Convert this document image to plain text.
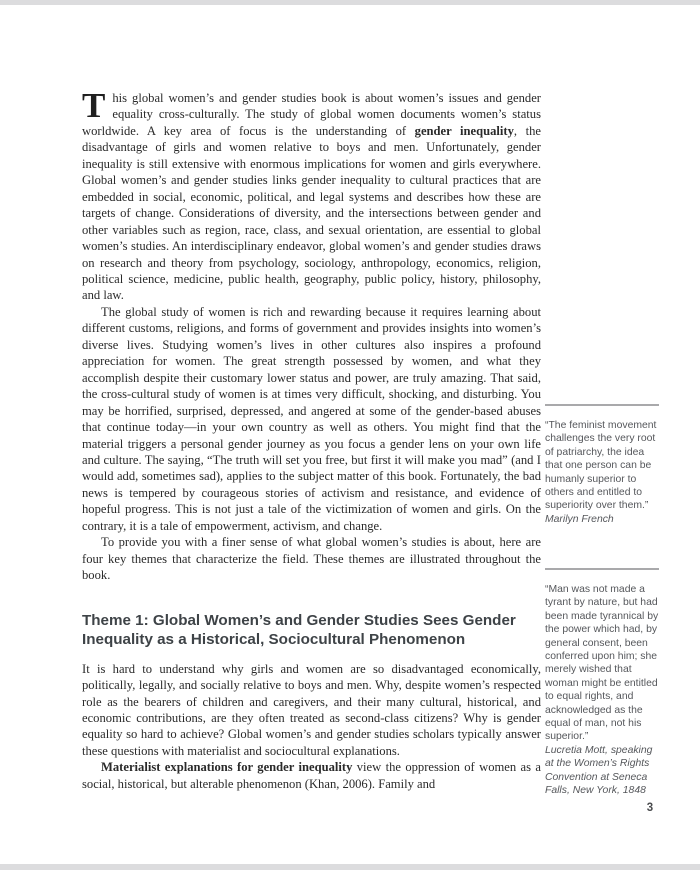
This global women’s and gender studies book is about women’s issues and gender equality cross-culturally. The study of global women documents women’s status worldwide. A key area of focus is the understanding of gender inequality, the disadvantage of girls and women relative to boys and men. Unfortunately, gender inequality is still extensive with enormous implications for women and girls everywhere. Global women’s and gender studies links gender inequality to cultural practices that are embedded in social, economic, political, and legal systems and describes how these are targets of change. Considerations of diversity, and the intersections between gender and other variables such as region, race, class, and sexual orientation, are essential to global women’s studies. An interdisciplinary endeavor, global women’s and gender studies draws on research and theory from psychology, sociology, anthropology, economics, religion, political science, medicine, public health, geography, public policy, history, philosophy, and law.

The global study of women is rich and rewarding because it requires learning about different customs, religions, and forms of government and provides insights into women’s diverse lives. Studying women’s lives in other cultures also inspires a profound appreciation for women. The great strength possessed by women, and what they accomplish despite their customary lower status and power, are truly amazing. That said, the cross-cultural study of women is at times very difficult, shocking, and disturbing. You may be horrified, surprised, depressed, and angered at some of the gender-based abuses that continue today—in your own country as well as others. You might find that the material triggers a personal gender journey as you focus a gender lens on your own life and culture. The saying, “The truth will set you free, but first it will make you mad” (and I would add, sometimes sad), applies to the subject matter of this book. Fortunately, the bad news is tempered by courageous stories of activism and resistance, and evidence of hopeful progress. This is not just a tale of the victimization of women and girls. On the contrary, it is a tale of empowerment, activism, and change.

To provide you with a finer sense of what global women’s studies is about, here are four key themes that characterize the field. These themes are illustrated throughout the book.

Theme 1: Global Women’s and Gender Studies Sees Gender Inequality as a Historical, Sociocultural Phenomenon

It is hard to understand why girls and women are so disadvantaged economically, politically, legally, and socially relative to boys and men. Why, despite women’s respected role as the bearers of children and caregivers, and their many cultural, historical, and economic contributions, are they often treated as second-class citizens? Why is gender equality so hard to achieve? Global women’s and gender studies scholars typically answer these questions with materialist and sociocultural explanations.

Materialist explanations for gender inequality view the oppression of women as a social, historical, but alterable phenomenon (Khan, 2006). Family and

“The feminist movement challenges the very root of patriarchy, the idea that one person can be humanly superior to others and entitled to superiority over them.”
Marilyn French
“Man was not made a tyrant by nature, but had been made tyrannical by the power which had, by general consent, been conferred upon him; she merely wished that woman might be entitled to equal rights, and acknowledged as the equal of man, not his superior.”
Lucretia Mott, speaking at the Women’s Rights Convention at Seneca Falls, New York, 1848
3
